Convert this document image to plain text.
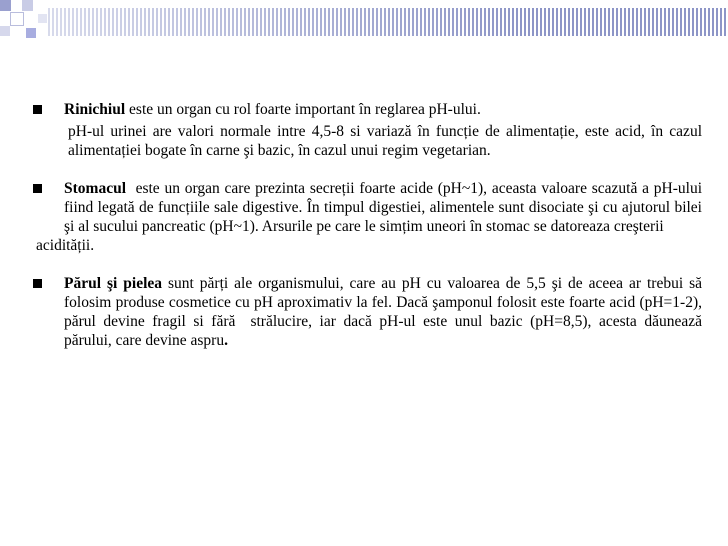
Rinichiul este un organ cu rol foarte important în reglarea pH-ului.
pH-ul urinei are valori normale intre 4,5-8 si variază în funcție de alimentație, este acid, în cazul alimentației bogate în carne şi bazic, în cazul unui regim vegetarian.
Stomacul  este un organ care prezinta secreții foarte acide (pH~1), aceasta valoare scazută a pH-ului fiind legată de funcțiile sale digestive. În timpul digestiei, alimentele sunt disociate şi cu ajutorul bilei şi al sucului pancreatic (pH~1). Arsurile pe care le simțim uneori în stomac se datoreaza creşterii
acidității.
Părul şi pielea sunt părți ale organismului, care au pH cu valoarea de 5,5 şi de aceea ar trebui să folosim produse cosmetice cu pH aproximativ la fel. Dacă şamponul folosit este foarte acid (pH=1-2), părul devine fragil si fără  strălucire, iar dacă pH-ul este unul bazic (pH=8,5), acesta dăunează  părului, care devine aspru.
